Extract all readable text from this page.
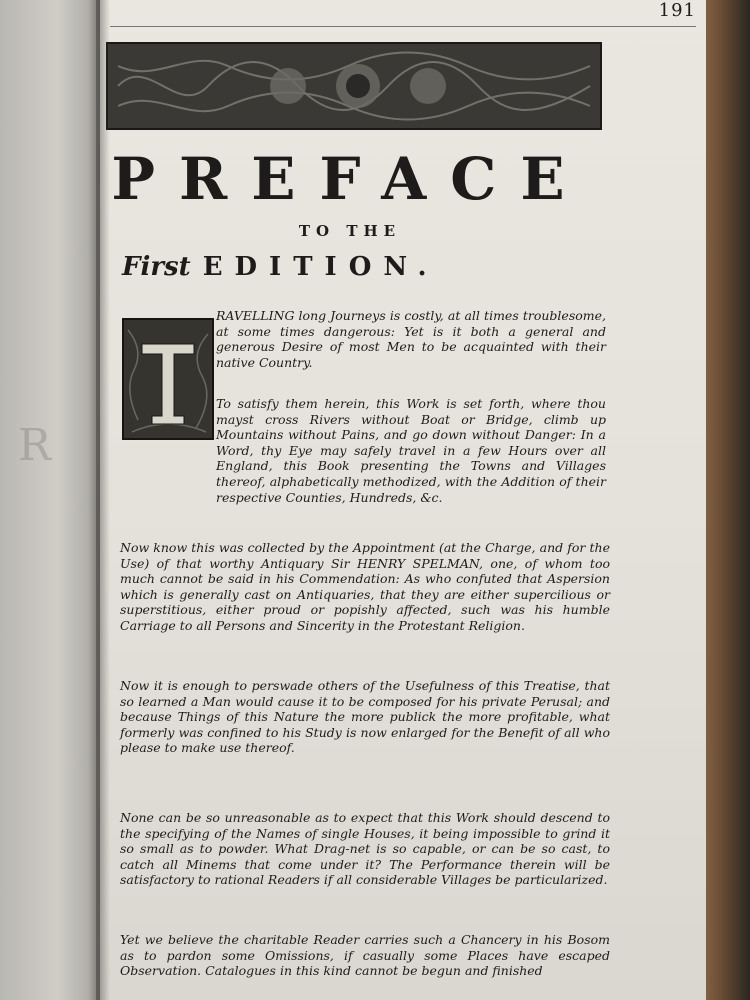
R
191
PREFACE
TO THE
First EDITION.

RAVELLING long Journeys is costly, at all times troublesome, at some times dangerous: Yet is it both a general and generous Desire of most Men to be acquainted with their native Country.

To satisfy them herein, this Work is set forth, where thou mayst cross Rivers without Boat or Bridge, climb up Mountains without Pains, and go down without Danger: In a Word, thy Eye may safely travel in a few Hours over all England, this Book presenting the Towns and Villages thereof, alphabetically methodized, with the Addition of their respective Counties, Hundreds, &c.

Now know this was collected by the Appointment (at the Charge, and for the Use) of that worthy Antiquary Sir HENRY SPELMAN, one, of whom too much cannot be said in his Commendation: As who confuted that Aspersion which is generally cast on Antiquaries, that they are either supercilious or superstitious, either proud or popishly affected, such was his humble Carriage to all Persons and Sincerity in the Protestant Religion.

Now it is enough to perswade others of the Usefulness of this Treatise, that so learned a Man would cause it to be composed for his private Perusal; and because Things of this Nature the more publick the more profitable, what formerly was confined to his Study is now enlarged for the Benefit of all who please to make use thereof.

None can be so unreasonable as to expect that this Work should descend to the specifying of the Names of single Houses, it being impossible to grind it so small as to powder. What Drag-net is so capable, or can be so cast, to catch all Minems that come under it? The Performance therein will be satisfactory to rational Readers if all considerable Villages be particularized.

Yet we believe the charitable Reader carries such a Chancery in his Bosom as to pardon some Omissions, if casually some Places have escaped Observation. Catalogues in this kind cannot be begun and finished
